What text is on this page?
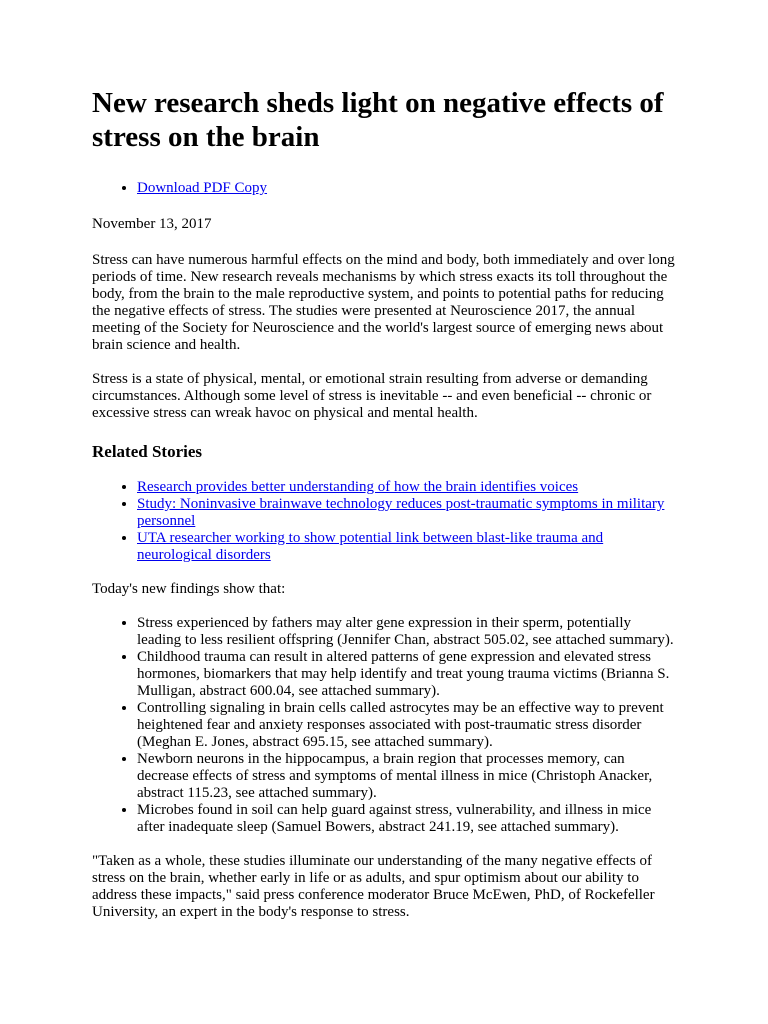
New research sheds light on negative effects of stress on the brain
• Download PDF Copy

November 13, 2017

Stress can have numerous harmful effects on the mind and body, both immediately and over long periods of time. New research reveals mechanisms by which stress exacts its toll throughout the body, from the brain to the male reproductive system, and points to potential paths for reducing the negative effects of stress. The studies were presented at Neuroscience 2017, the annual meeting of the Society for Neuroscience and the world's largest source of emerging news about brain science and health.

Stress is a state of physical, mental, or emotional strain resulting from adverse or demanding circumstances. Although some level of stress is inevitable -- and even beneficial -- chronic or excessive stress can wreak havoc on physical and mental health.

Related Stories
• Research provides better understanding of how the brain identifies voices
• Study: Noninvasive brainwave technology reduces post-traumatic symptoms in military personnel
• UTA researcher working to show potential link between blast-like trauma and neurological disorders

Today's new findings show that:

• Stress experienced by fathers may alter gene expression in their sperm, potentially leading to less resilient offspring (Jennifer Chan, abstract 505.02, see attached summary).
• Childhood trauma can result in altered patterns of gene expression and elevated stress hormones, biomarkers that may help identify and treat young trauma victims (Brianna S. Mulligan, abstract 600.04, see attached summary).
• Controlling signaling in brain cells called astrocytes may be an effective way to prevent heightened fear and anxiety responses associated with post-traumatic stress disorder (Meghan E. Jones, abstract 695.15, see attached summary).
• Newborn neurons in the hippocampus, a brain region that processes memory, can decrease effects of stress and symptoms of mental illness in mice (Christoph Anacker, abstract 115.23, see attached summary).
• Microbes found in soil can help guard against stress, vulnerability, and illness in mice after inadequate sleep (Samuel Bowers, abstract 241.19, see attached summary).

"Taken as a whole, these studies illuminate our understanding of the many negative effects of stress on the brain, whether early in life or as adults, and spur optimism about our ability to address these impacts," said press conference moderator Bruce McEwen, PhD, of Rockefeller University, an expert in the body's response to stress.
